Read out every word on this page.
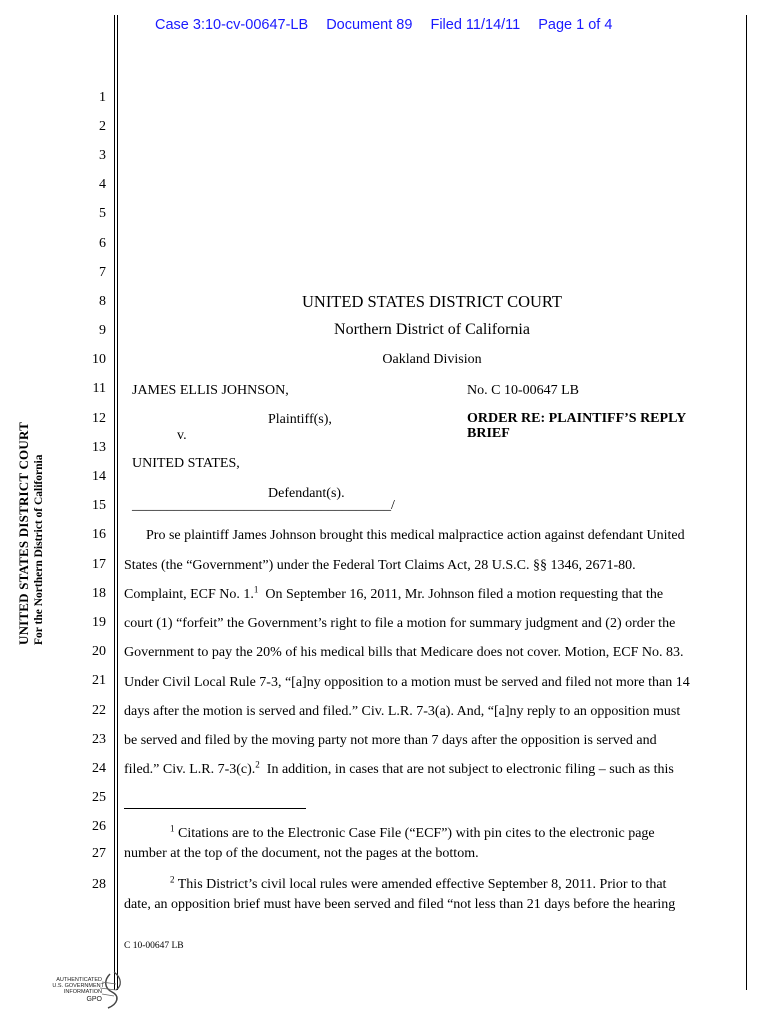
Case 3:10-cv-00647-LB Document 89 Filed 11/14/11 Page 1 of 4
1
2
3
4
5
6
7
8
9
10
11
12
13
14
15
16
17
18
19
20
21
22
23
24
25
26
27
28
UNITED STATES DISTRICT COURT
Northern District of California
Oakland Division
JAMES ELLIS JOHNSON,
Plaintiff(s),
v.
UNITED STATES,
Defendant(s).
_____________________________________/
No. C 10-00647 LB
ORDER RE: PLAINTIFF’S REPLY
BRIEF
Pro se plaintiff James Johnson brought this medical malpractice action against defendant United
States (the “Government”) under the Federal Tort Claims Act, 28 U.S.C. §§ 1346, 2671-80.
Complaint, ECF No. 1.$^1$ On September 16, 2011, Mr. Johnson filed a motion requesting that the
court (1) “forfeit” the Government’s right to file a motion for summary judgment and (2) order the
Government to pay the 20% of his medical bills that Medicare does not cover. Motion, ECF No. 83.
Under Civil Local Rule 7-3, “[a]ny opposition to a motion must be served and filed not more than 14
days after the motion is served and filed.” Civ. L.R. 7-3(a). And, “[a]ny reply to an opposition must
be served and filed by the moving party not more than 7 days after the opposition is served and
filed.” Civ. L.R. 7-3(c).$^2$ In addition, in cases that are not subject to electronic filing – such as this
$^1$ Citations are to the Electronic Case File (“ECF”) with pin cites to the electronic page
number at the top of the document, not the pages at the bottom.
$^2$ This District’s civil local rules were amended effective September 8, 2011. Prior to that
date, an opposition brief must have been served and filed “not less than 21 days before the hearing
C 10-00647 LB
UNITED STATES DISTRICT COURT For the Northern District of California
AUTHENTICATED
U.S. GOVERNMENT
INFORMATION
GPO
